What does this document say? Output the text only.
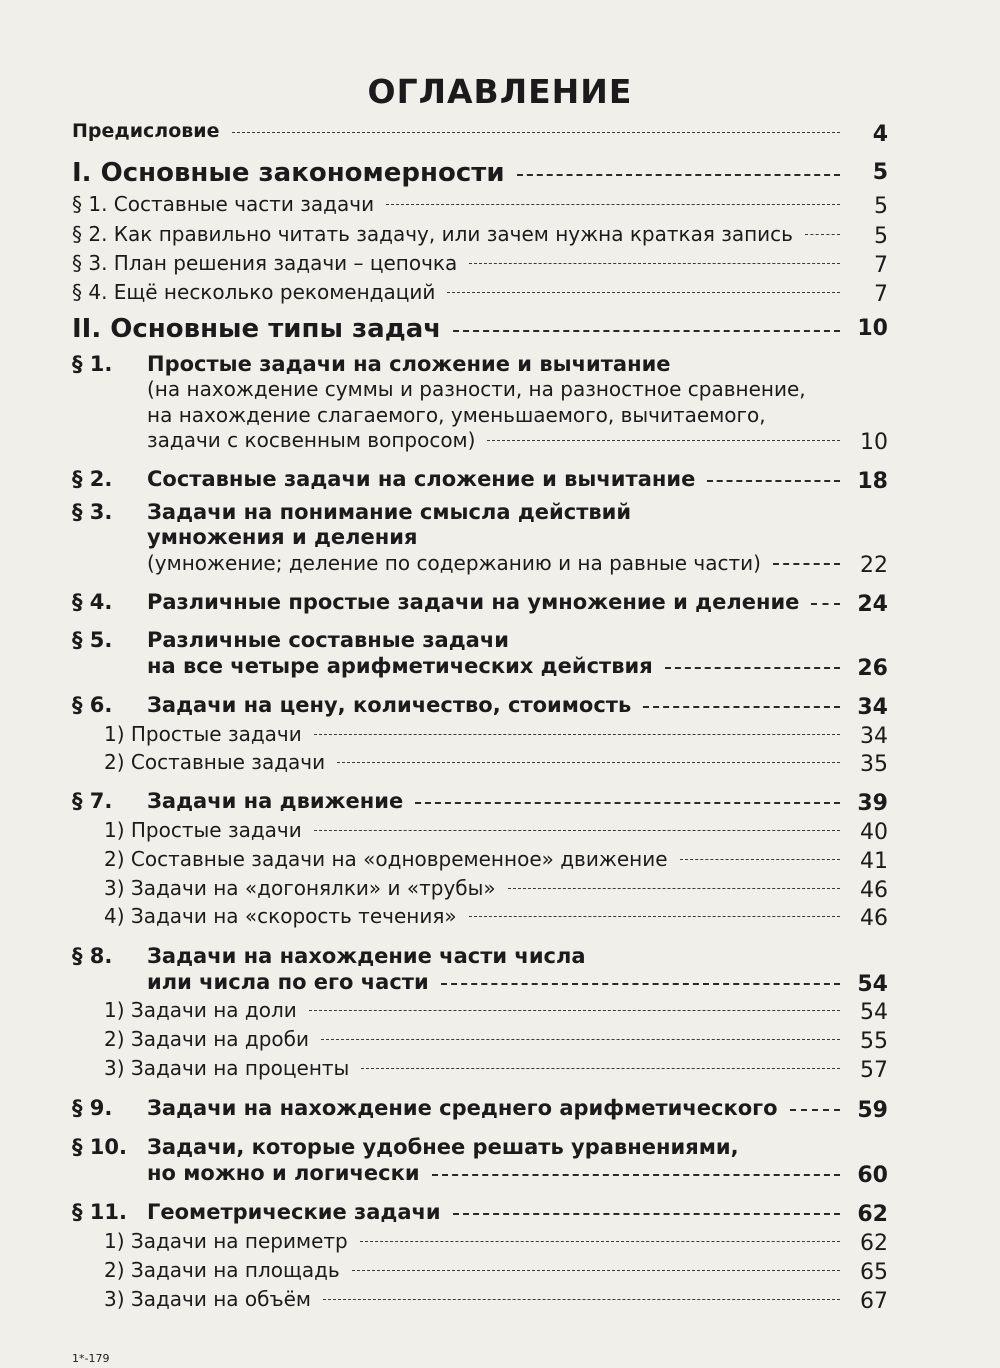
ОГЛАВЛЕНИЕ
Предисловие	4
I. Основные закономерности	5
§ 1. Составные части задачи	5
§ 2. Как правильно читать задачу, или зачем нужна краткая запись	5
§ 3. План решения задачи – цепочка	7
§ 4. Ещё несколько рекомендаций	7
II. Основные типы задач	10
§ 1. Простые задачи на сложение и вычитание
(на нахождение суммы и разности, на разностное сравнение,
на нахождение слагаемого, уменьшаемого, вычитаемого,
задачи с косвенным вопросом)	10
§ 2. Составные задачи на сложение и вычитание	18
§ 3. Задачи на понимание смысла действий
умножения и деления
(умножение; деление по содержанию и на равные части)	22
§ 4. Различные простые задачи на умножение и деление	24
§ 5. Различные составные задачи
на все четыре арифметических действия	26
§ 6. Задачи на цену, количество, стоимость	34
1) Простые задачи	34
2) Составные задачи	35
§ 7. Задачи на движение	39
1) Простые задачи	40
2) Составные задачи на «одновременное» движение	41
3) Задачи на «догонялки» и «трубы»	46
4) Задачи на «скорость течения»	46
§ 8. Задачи на нахождение части числа
или числа по его части	54
1) Задачи на доли	54
2) Задачи на дроби	55
3) Задачи на проценты	57
§ 9. Задачи на нахождение среднего арифметического	59
§ 10. Задачи, которые удобнее решать уравнениями,
но можно и логически	60
§ 11. Геометрические задачи	62
1) Задачи на периметр	62
2) Задачи на площадь	65
3) Задачи на объём	67
1*-179
